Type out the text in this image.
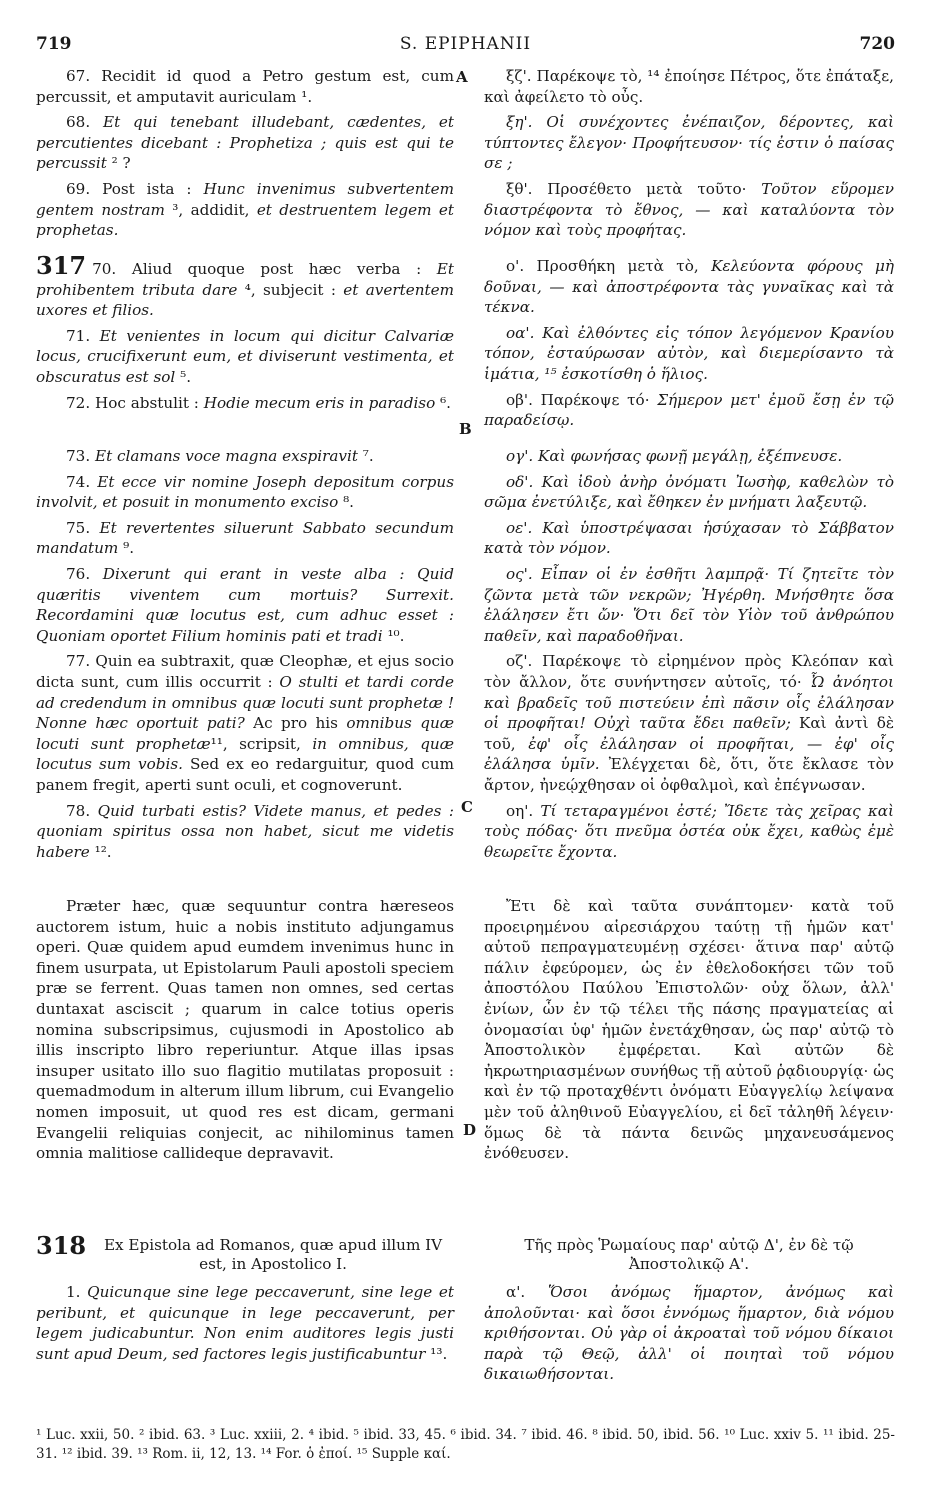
719	S. EPIPHANII	720
A
B
C
D

67. Recidit id quod a Petro gestum est, cum percussit, et amputavit auriculam ¹.

68. Et qui tenebant illudebant, cædentes, et percutientes dicebant : Prophetiza ; quis est qui te percussit ² ?

69. Post ista : Hunc invenimus subvertentem gentem nostram ³, addidit, et destruentem legem et prophetas.

317 70. Aliud quoque post hæc verba : Et prohibentem tributa dare ⁴, subjecit : et avertentem uxores et filios.

71. Et venientes in locum qui dicitur Calvariæ locus, crucifixerunt eum, et diviserunt vestimenta, et obscuratus est sol ⁵.

72. Hoc abstulit : Hodie mecum eris in paradiso ⁶.

73. Et clamans voce magna exspiravit ⁷.

74. Et ecce vir nomine Joseph depositum corpus involvit, et posuit in monumento exciso ⁸.

75. Et revertentes siluerunt Sabbato secundum mandatum ⁹.

76. Dixerunt qui erant in veste alba : Quid quæritis viventem cum mortuis? Surrexit. Recordamini quæ locutus est, cum adhuc esset : Quoniam oportet Filium hominis pati et tradi ¹⁰.

77. Quin ea subtraxit, quæ Cleophæ, et ejus socio dicta sunt, cum illis occurrit : O stulti et tardi corde ad credendum in omnibus quæ locuti sunt prophetæ ! Nonne hæc oportuit pati? Ac pro his omnibus quæ locuti sunt prophetæ¹¹, scripsit, in omnibus, quæ locutus sum vobis. Sed ex eo redarguitur, quod cum panem fregit, aperti sunt oculi, et cognoverunt.

78. Quid turbati estis? Videte manus, et pedes : quoniam spiritus ossa non habet, sicut me videtis habere ¹².

Præter hæc, quæ sequuntur contra hæreseos auctorem istum, huic a nobis instituto adjungamus operi. Quæ quidem apud eumdem invenimus hunc in finem usurpata, ut Epistolarum Pauli apostoli speciem præ se ferrent. Quas tamen non omnes, sed certas duntaxat asciscit ; quarum in calce totius operis nomina subscripsimus, cujusmodi in Apostolico ab illis inscripto libro reperiuntur. Atque illas ipsas insuper usitato illo suo flagitio mutilatas proposuit : quemadmodum in alterum illum librum, cui Evangelio nomen imposuit, ut quod res est dicam, germani Evangelii reliquias conjecit, ac nihilominus tamen omnia malitiose callideque depravavit.

318	Ex Epistola ad Romanos, quæ apud illum IV est, in Apostolico I.

1. Quicunque sine lege peccaverunt, sine lege et peribunt, et quicunque in lege peccaverunt, per legem judicabuntur. Non enim auditores legis justi sunt apud Deum, sed factores legis justificabuntur ¹³.

ξζ'. Παρέκοψε τὸ, ¹⁴ ἐποίησε Πέτρος, ὅτε ἐπάταξε, καὶ ἀφείλετο τὸ οὖς.

ξη'. Οἱ συνέχοντες ἐνέπαιζον, δέροντες, καὶ τύπτοντες ἔλεγον· Προφήτευσον· τίς ἐστιν ὁ παίσας σε ;

ξθ'. Προσέθετο μετὰ τοῦτο· Τοῦτον εὕρομεν διαστρέφοντα τὸ ἔθνος, — καὶ καταλύοντα τὸν νόμον καὶ τοὺς προφήτας.

ο'. Προσθήκη μετὰ τὸ, Κελεύοντα φόρους μὴ δοῦναι, — καὶ ἀποστρέφοντα τὰς γυναῖκας καὶ τὰ τέκνα.

οα'. Καὶ ἐλθόντες εἰς τόπον λεγόμενον Κρανίου τόπον, ἐσταύρωσαν αὐτὸν, καὶ διεμερίσαντο τὰ ἱμάτια, ¹⁵ ἐσκοτίσθη ὁ ἥλιος.

οβ'. Παρέκοψε τό· Σήμερον μετ' ἐμοῦ ἔσῃ ἐν τῷ παραδείσῳ.

ογ'. Καὶ φωνήσας φωνῇ μεγάλῃ, ἐξέπνευσε.

οδ'. Καὶ ἰδοὺ ἀνὴρ ὀνόματι Ἰωσὴφ, καθελὼν τὸ σῶμα ἐνετύλιξε, καὶ ἔθηκεν ἐν μνήματι λαξευτῷ.

οε'. Καὶ ὑποστρέψασαι ἡσύχασαν τὸ Σάββατον κατὰ τὸν νόμον.

ος'. Εἶπαν οἱ ἐν ἐσθῆτι λαμπρᾷ· Τί ζητεῖτε τὸν ζῶντα μετὰ τῶν νεκρῶν; Ἠγέρθη. Μνήσθητε ὅσα ἐλάλησεν ἔτι ὤν· Ὅτι δεῖ τὸν Υἱὸν τοῦ ἀνθρώπου παθεῖν, καὶ παραδοθῆναι.

οζ'. Παρέκοψε τὸ εἰρημένον πρὸς Κλεόπαν καὶ τὸν ἄλλον, ὅτε συνήντησεν αὐτοῖς, τό· Ὦ ἀνόητοι καὶ βραδεῖς τοῦ πιστεύειν ἐπὶ πᾶσιν οἷς ἐλάλησαν οἱ προφῆται! Οὐχὶ ταῦτα ἔδει παθεῖν; Καὶ ἀντὶ δὲ τοῦ, ἐφ' οἷς ἐλάλησαν οἱ προφῆται, — ἐφ' οἷς ἐλάλησα ὑμῖν. Ἐλέγχεται δὲ, ὅτι, ὅτε ἔκλασε τὸν ἄρτον, ἠνεῴχθησαν οἱ ὀφθαλμοὶ, καὶ ἐπέγνωσαν.

οη'. Τί τεταραγμένοι ἐστέ; Ἴδετε τὰς χεῖρας καὶ τοὺς πόδας· ὅτι πνεῦμα ὀστέα οὐκ ἔχει, καθὼς ἐμὲ θεωρεῖτε ἔχοντα.

Ἔτι δὲ καὶ ταῦτα συνάπτομεν· κατὰ τοῦ προειρημένου αἱρεσιάρχου ταύτῃ τῇ ἡμῶν κατ' αὐτοῦ πεπραγματευμένῃ σχέσει· ἅτινα παρ' αὐτῷ πάλιν ἐφεύρομεν, ὡς ἐν ἐθελοδοκήσει τῶν τοῦ ἀποστόλου Παύλου Ἐπιστολῶν· οὐχ ὅλων, ἀλλ' ἐνίων, ὧν ἐν τῷ τέλει τῆς πάσης πραγματείας αἱ ὀνομασίαι ὑφ' ἡμῶν ἐνετάχθησαν, ὡς παρ' αὐτῷ τὸ Ἀποστολικὸν ἐμφέρεται. Καὶ αὐτῶν δὲ ἠκρωτηριασμένων συνήθως τῇ αὐτοῦ ῥᾳδιουργίᾳ· ὡς καὶ ἐν τῷ προταχθέντι ὀνόματι Εὐαγγελίῳ λείψανα μὲν τοῦ ἀληθινοῦ Εὐαγγελίου, εἰ δεῖ τἀληθῆ λέγειν· ὅμως δὲ τὰ πάντα δεινῶς μηχανευσάμενος ἐνόθευσεν.

Τῆς πρὸς Ῥωμαίους παρ' αὐτῷ Δ', ἐν δὲ τῷ Ἀποστολικῷ Α'.

α'. Ὅσοι ἀνόμως ἥμαρτον, ἀνόμως καὶ ἀπολοῦνται· καὶ ὅσοι ἐννόμως ἥμαρτον, διὰ νόμου κριθήσονται. Οὐ γὰρ οἱ ἀκροαταὶ τοῦ νόμου δίκαιοι παρὰ τῷ Θεῷ, ἀλλ' οἱ ποιηταὶ τοῦ νόμου δικαιωθήσονται.

¹ Luc. xxii, 50. ² ibid. 63. ³ Luc. xxiii, 2. ⁴ ibid. ⁵ ibid. 33, 45. ⁶ ibid. 34. ⁷ ibid. 46. ⁸ ibid. 50, ibid. 56. ¹⁰ Luc. xxiv 5. ¹¹ ibid. 25-31. ¹² ibid. 39. ¹³ Rom. ii, 12, 13. ¹⁴ For. ὁ ἐποί. ¹⁵ Supple καί.
